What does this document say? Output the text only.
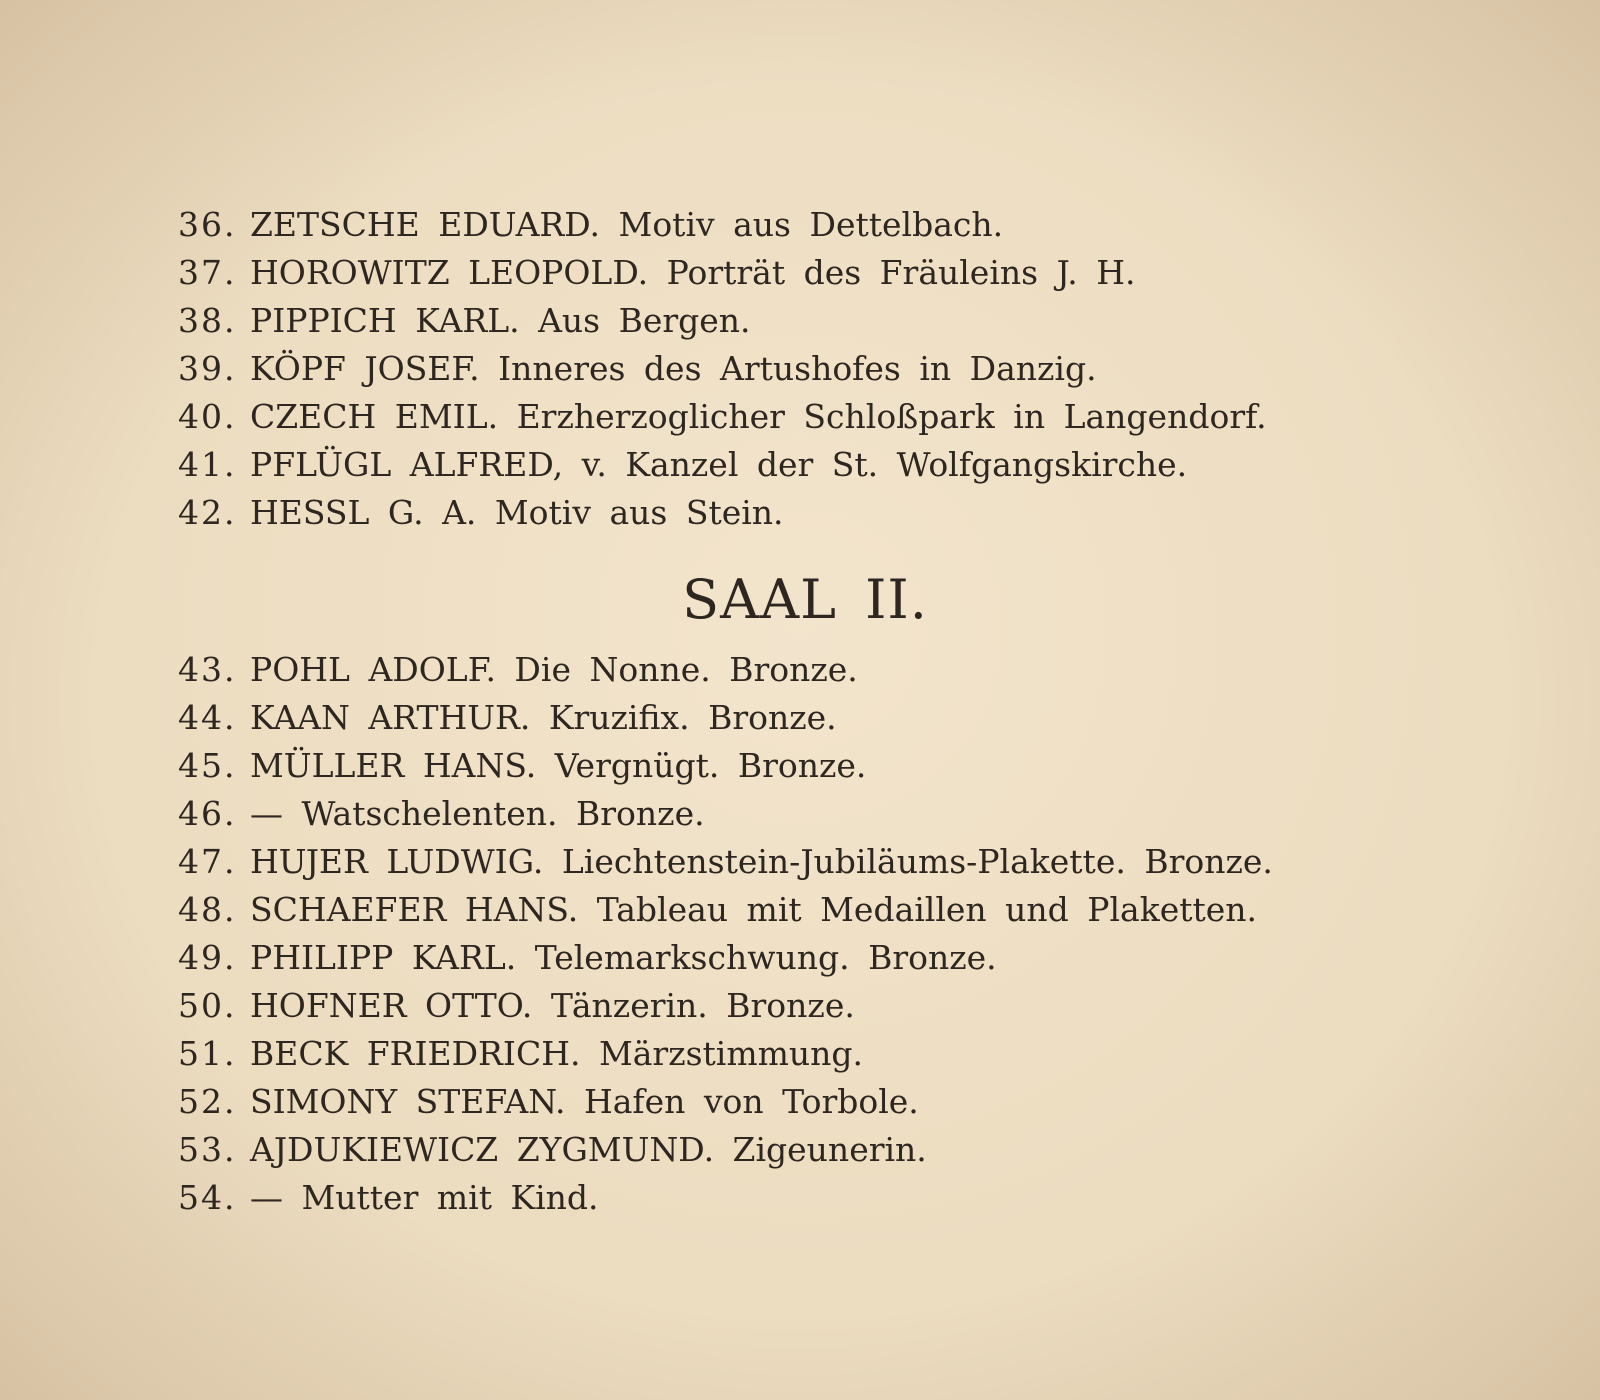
36. ZETSCHE EDUARD. Motiv aus Dettelbach.
37. HOROWITZ LEOPOLD. Porträt des Fräuleins J. H.
38. PIPPICH KARL. Aus Bergen.
39. KÖPF JOSEF. Inneres des Artushofes in Danzig.
40. CZECH EMIL. Erzherzoglicher Schloßpark in Langendorf.
41. PFLÜGL ALFRED, v. Kanzel der St. Wolfgangskirche.
42. HESSL G. A. Motiv aus Stein.
SAAL II.
43. POHL ADOLF. Die Nonne. Bronze.
44. KAAN ARTHUR. Kruzifix. Bronze.
45. MÜLLER HANS. Vergnügt. Bronze.
46. — Watschelenten. Bronze.
47. HUJER LUDWIG. Liechtenstein-Jubiläums-Plakette. Bronze.
48. SCHAEFER HANS. Tableau mit Medaillen und Plaketten.
49. PHILIPP KARL. Telemarkschwung. Bronze.
50. HOFNER OTTO. Tänzerin. Bronze.
51. BECK FRIEDRICH. Märzstimmung.
52. SIMONY STEFAN. Hafen von Torbole.
53. AJDUKIEWICZ ZYGMUND. Zigeunerin.
54. — Mutter mit Kind.
